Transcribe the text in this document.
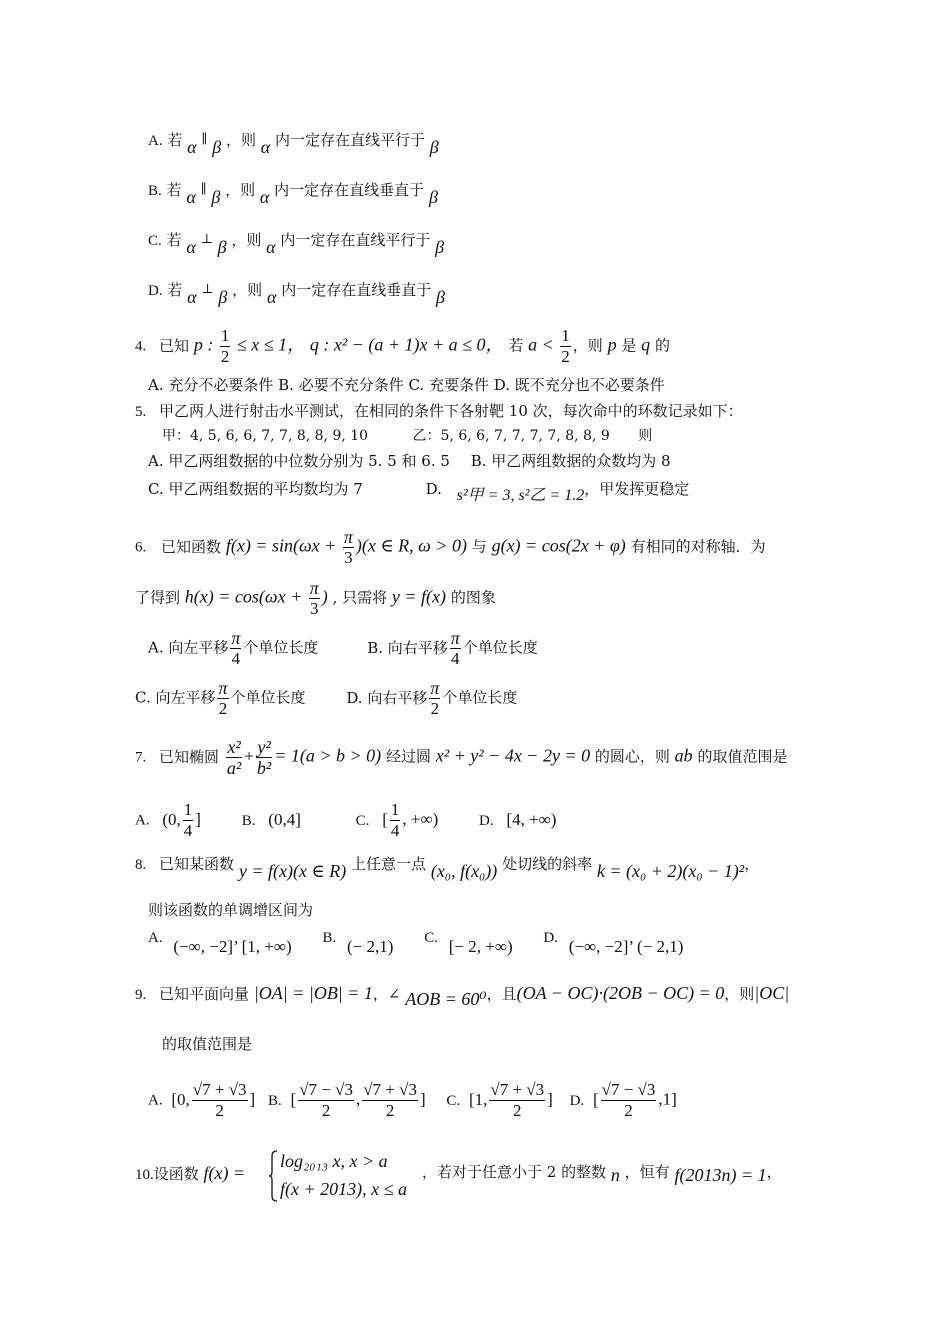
A. 若 α ∥ β ，则 α 内一定存在直线平行于 β
B. 若 α ∥ β ，则 α 内一定存在直线垂直于 β
C. 若 α ⊥ β ，则 α 内一定存在直线平行于 β
D. 若 α ⊥ β ，则 α 内一定存在直线垂直于 β
4. 已知 p : $\frac{1}{2} \le x \le 1$， q : x² − (a + 1)x + a ≤ 0， 若 $a < \frac{1}{2}$ ，则 p 是 q 的
A. 充分不必要条件 B. 必要不充分条件 C. 充要条件 D. 既不充分也不必要条件
5. 甲乙两人进行射击水平测试，在相同的条件下各射靶 10 次，每次命中的环数记录如下：
甲：4, 5, 6, 6, 7, 7, 8, 8, 9, 10	乙：5, 6, 6, 7, 7, 7, 7, 8, 8, 9 则
A. 甲乙两组数据的中位数分别为 5. 5 和 6. 5 B. 甲乙两组数据的众数均为 8
C. 甲乙两组数据的平均数均为 7	D. s²甲 = 3, s²乙 = 1.2，甲发挥更稳定
6. 已知函数 $f(x) = \sin(\omega x + \frac{\pi}{3} )(x$ ∈ R, ω > 0) 与 g(x) = cos(2x + φ) 有相同的对称轴．为
了得到 $h(x) = \cos(\omega x + \frac{\pi}{3}$ ) , 只需将 y = f(x) 的图象
A. 向左平移 $\frac{\pi}{4}$ 个单位长度	B. 向右平移 $\frac{\pi}{4}$ 个单位长度
C. 向左平移 $\frac{\pi}{2}$ 个单位长度	D. 向右平移 $\frac{\pi}{2}$ 个单位长度
7. 已知椭圆 $\frac{\text{x²}}{\text{a²}} + \frac{\text{y²}}{\text{b²}} = 1(a > b > 0)$ 经过圆 x² + y² − 4x − 2y = 0 的圆心，则 ab 的取值范围是
A. (0, $\frac{1}{4}$ ]	B. (0,4]	C. [ $\frac{1}{4}$ , +∞)	D. [4, +∞)
8. 已知某函数 y = f(x)(x ∈ R) 上任意一点 (x₀, f(x₀)) 处切线的斜率 k = (x₀ + 2)(x₀ − 1)²，
则该函数的单调增区间为
A. (−∞, −2]’ [1, +∞) B. (− 2,1) C. [− 2, +∞) D. (−∞, −2]’ (− 2,1)
9. 已知平面向量 |OA| = |OB| = 1，∠ AOB = 60⁰，且(OA − OC)·(2OB − OC) = 0，则|OC|
的取值范围是
A. [0, $\frac{√7 + √3}{2}$ ] B. [ $\frac{√7 - √3}{2}$ , $\frac{√7 + √3}{2}$ ] C. [1, $\frac{√7 + √3}{2}$ ] D. [ $\frac{√7 - √3}{2} ,1$]
10.设函数 f(x) =
log₂₀₁₃ x, x > a
f(x + 2013), x ≤ a
，若对于任意小于 2 的整数 n ，恒有 f(2013n) = 1，
